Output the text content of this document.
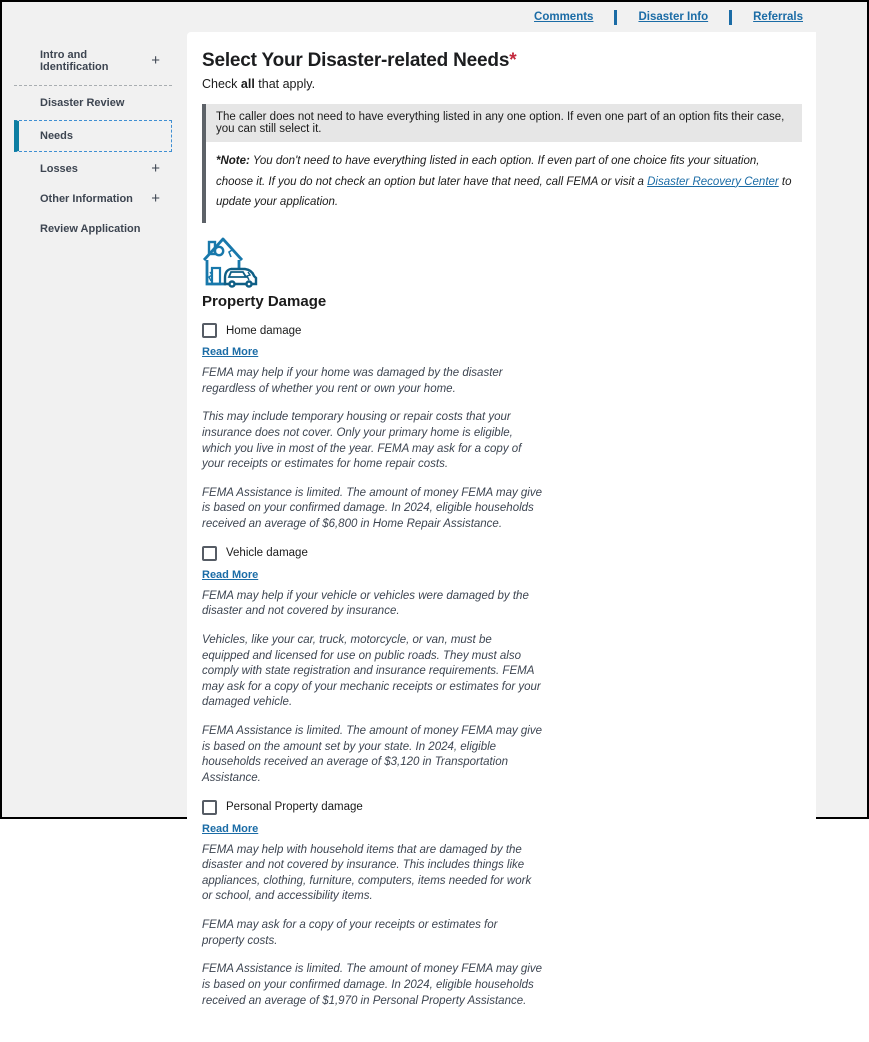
Comments	Disaster Info	Referrals
Intro and Identification	+
Disaster Review
Needs
Losses	+
Other Information +
Review Application
Select Your Disaster-related Needs*
Check all that apply.
The caller does not need to have everything listed in any one option. If even one part of an option fits their case, you can still select it.
*Note: You don't need to have everything listed in each option. If even part of one choice fits your situation, choose it. If you do not check an option but later have that need, call FEMA or visit a Disaster Recovery Center to update your application.
Property Damage
Home damage
Read More

FEMA may help if your home was damaged by the disaster regardless of whether you rent or own your home.

This may include temporary housing or repair costs that your insurance does not cover. Only your primary home is eligible, which you live in most of the year. FEMA may ask for a copy of your receipts or estimates for home repair costs.

FEMA Assistance is limited. The amount of money FEMA may give is based on your confirmed damage. In 2024, eligible households received an average of $6,800 in Home Repair Assistance.

Vehicle damage
Read More

FEMA may help if your vehicle or vehicles were damaged by the disaster and not covered by insurance.

Vehicles, like your car, truck, motorcycle, or van, must be equipped and licensed for use on public roads. They must also comply with state registration and insurance requirements. FEMA may ask for a copy of your mechanic receipts or estimates for your damaged vehicle.

FEMA Assistance is limited. The amount of money FEMA may give is based on the amount set by your state. In 2024, eligible households received an average of $3,120 in Transportation Assistance.

Personal Property damage
Read More

FEMA may help with household items that are damaged by the disaster and not covered by insurance. This includes things like appliances, clothing, furniture, computers, items needed for work or school, and accessibility items.

FEMA may ask for a copy of your receipts or estimates for property costs.

FEMA Assistance is limited. The amount of money FEMA may give is based on your confirmed damage. In 2024, eligible households received an average of $1,970 in Personal Property Assistance.
